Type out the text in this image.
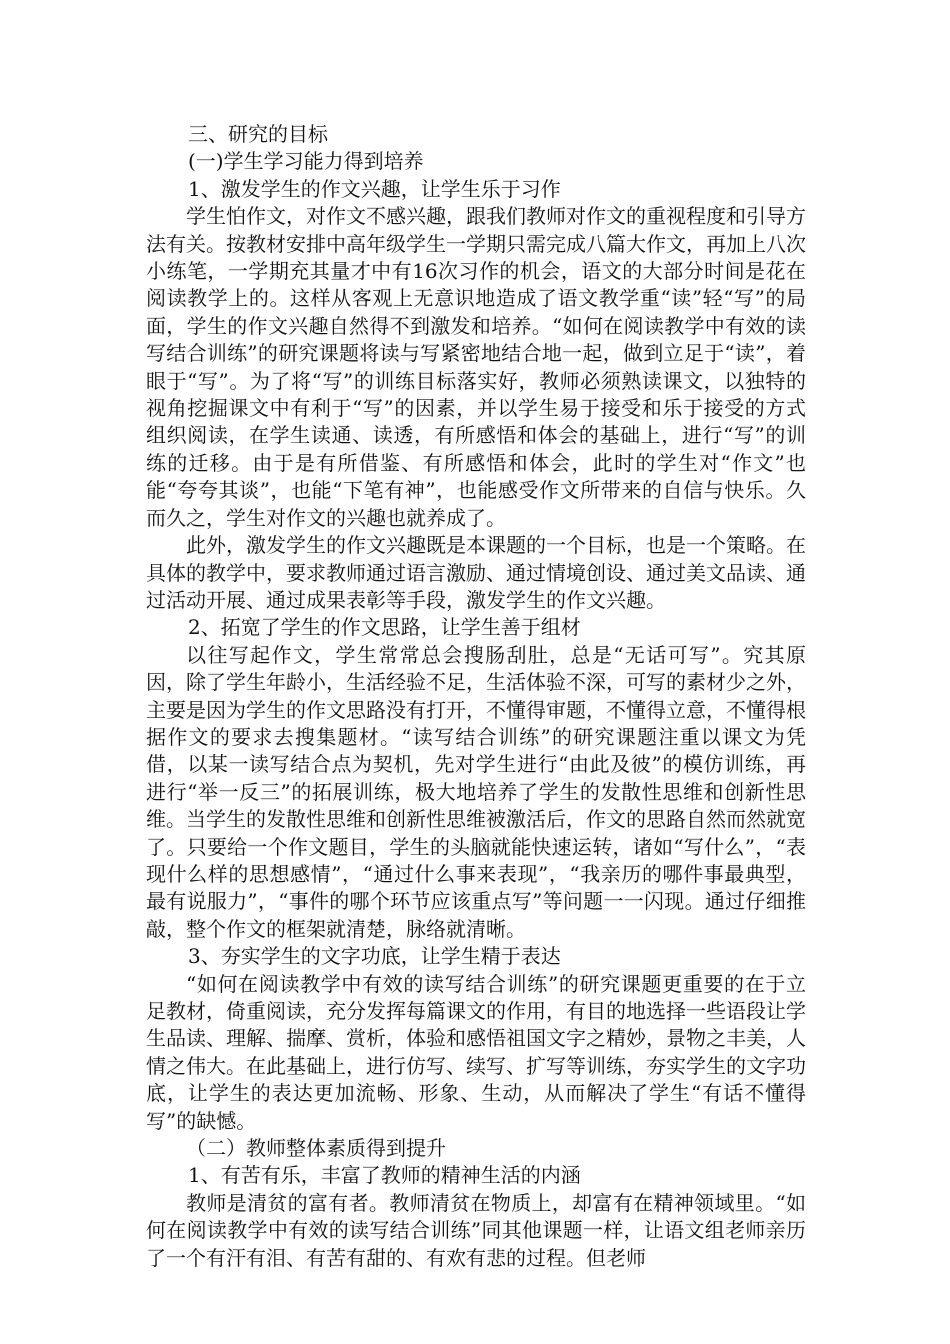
三、研究的目标

(一)学生学习能力得到培养

1、激发学生的作文兴趣，让学生乐于习作

学生怕作文，对作文不感兴趣，跟我们教师对作文的重视程度和引导方法有关。按教材安排中高年级学生一学期只需完成八篇大作文，再加上八次小练笔，一学期充其量才中有16次习作的机会，语文的大部分时间是花在阅读教学上的。这样从客观上无意识地造成了语文教学重“读”轻“写”的局面，学生的作文兴趣自然得不到激发和培养。“如何在阅读教学中有效的读写结合训练”的研究课题将读与写紧密地结合地一起，做到立足于“读”，着眼于“写”。为了将“写”的训练目标落实好，教师必须熟读课文，以独特的视角挖掘课文中有利于“写”的因素，并以学生易于接受和乐于接受的方式组织阅读，在学生读通、读透，有所感悟和体会的基础上，进行“写”的训练的迁移。由于是有所借鉴、有所感悟和体会，此时的学生对“作文”也能“夸夸其谈”，也能“下笔有神”，也能感受作文所带来的自信与快乐。久而久之，学生对作文的兴趣也就养成了。

此外，激发学生的作文兴趣既是本课题的一个目标，也是一个策略。在具体的教学中，要求教师通过语言激励、通过情境创设、通过美文品读、通过活动开展、通过成果表彰等手段，激发学生的作文兴趣。

2、拓宽了学生的作文思路，让学生善于组材

以往写起作文，学生常常总会搜肠刮肚，总是“无话可写”。究其原因，除了学生年龄小，生活经验不足，生活体验不深，可写的素材少之外，主要是因为学生的作文思路没有打开，不懂得审题，不懂得立意，不懂得根据作文的要求去搜集题材。“读写结合训练”的研究课题注重以课文为凭借，以某一读写结合点为契机，先对学生进行“由此及彼”的模仿训练，再进行“举一反三”的拓展训练，极大地培养了学生的发散性思维和创新性思维。当学生的发散性思维和创新性思维被激活后，作文的思路自然而然就宽了。只要给一个作文题目，学生的头脑就能快速运转，诸如“写什么”，“表现什么样的思想感情”，“通过什么事来表现”，“我亲历的哪件事最典型，最有说服力”，“事件的哪个环节应该重点写”等问题一一闪现。通过仔细推敲，整个作文的框架就清楚，脉络就清晰。

3、夯实学生的文字功底，让学生精于表达

“如何在阅读教学中有效的读写结合训练”的研究课题更重要的在于立足教材，倚重阅读，充分发挥每篇课文的作用，有目的地选择一些语段让学生品读、理解、揣摩、赏析，体验和感悟祖国文字之精妙，景物之丰美，人情之伟大。在此基础上，进行仿写、续写、扩写等训练，夯实学生的文字功底，让学生的表达更加流畅、形象、生动，从而解决了学生“有话不懂得写”的缺憾。

（二）教师整体素质得到提升

1、有苦有乐，丰富了教师的精神生活的内涵

教师是清贫的富有者。教师清贫在物质上，却富有在精神领域里。“如何在阅读教学中有效的读写结合训练”同其他课题一样，让语文组老师亲历了一个有汗有泪、有苦有甜的、有欢有悲的过程。但老师
